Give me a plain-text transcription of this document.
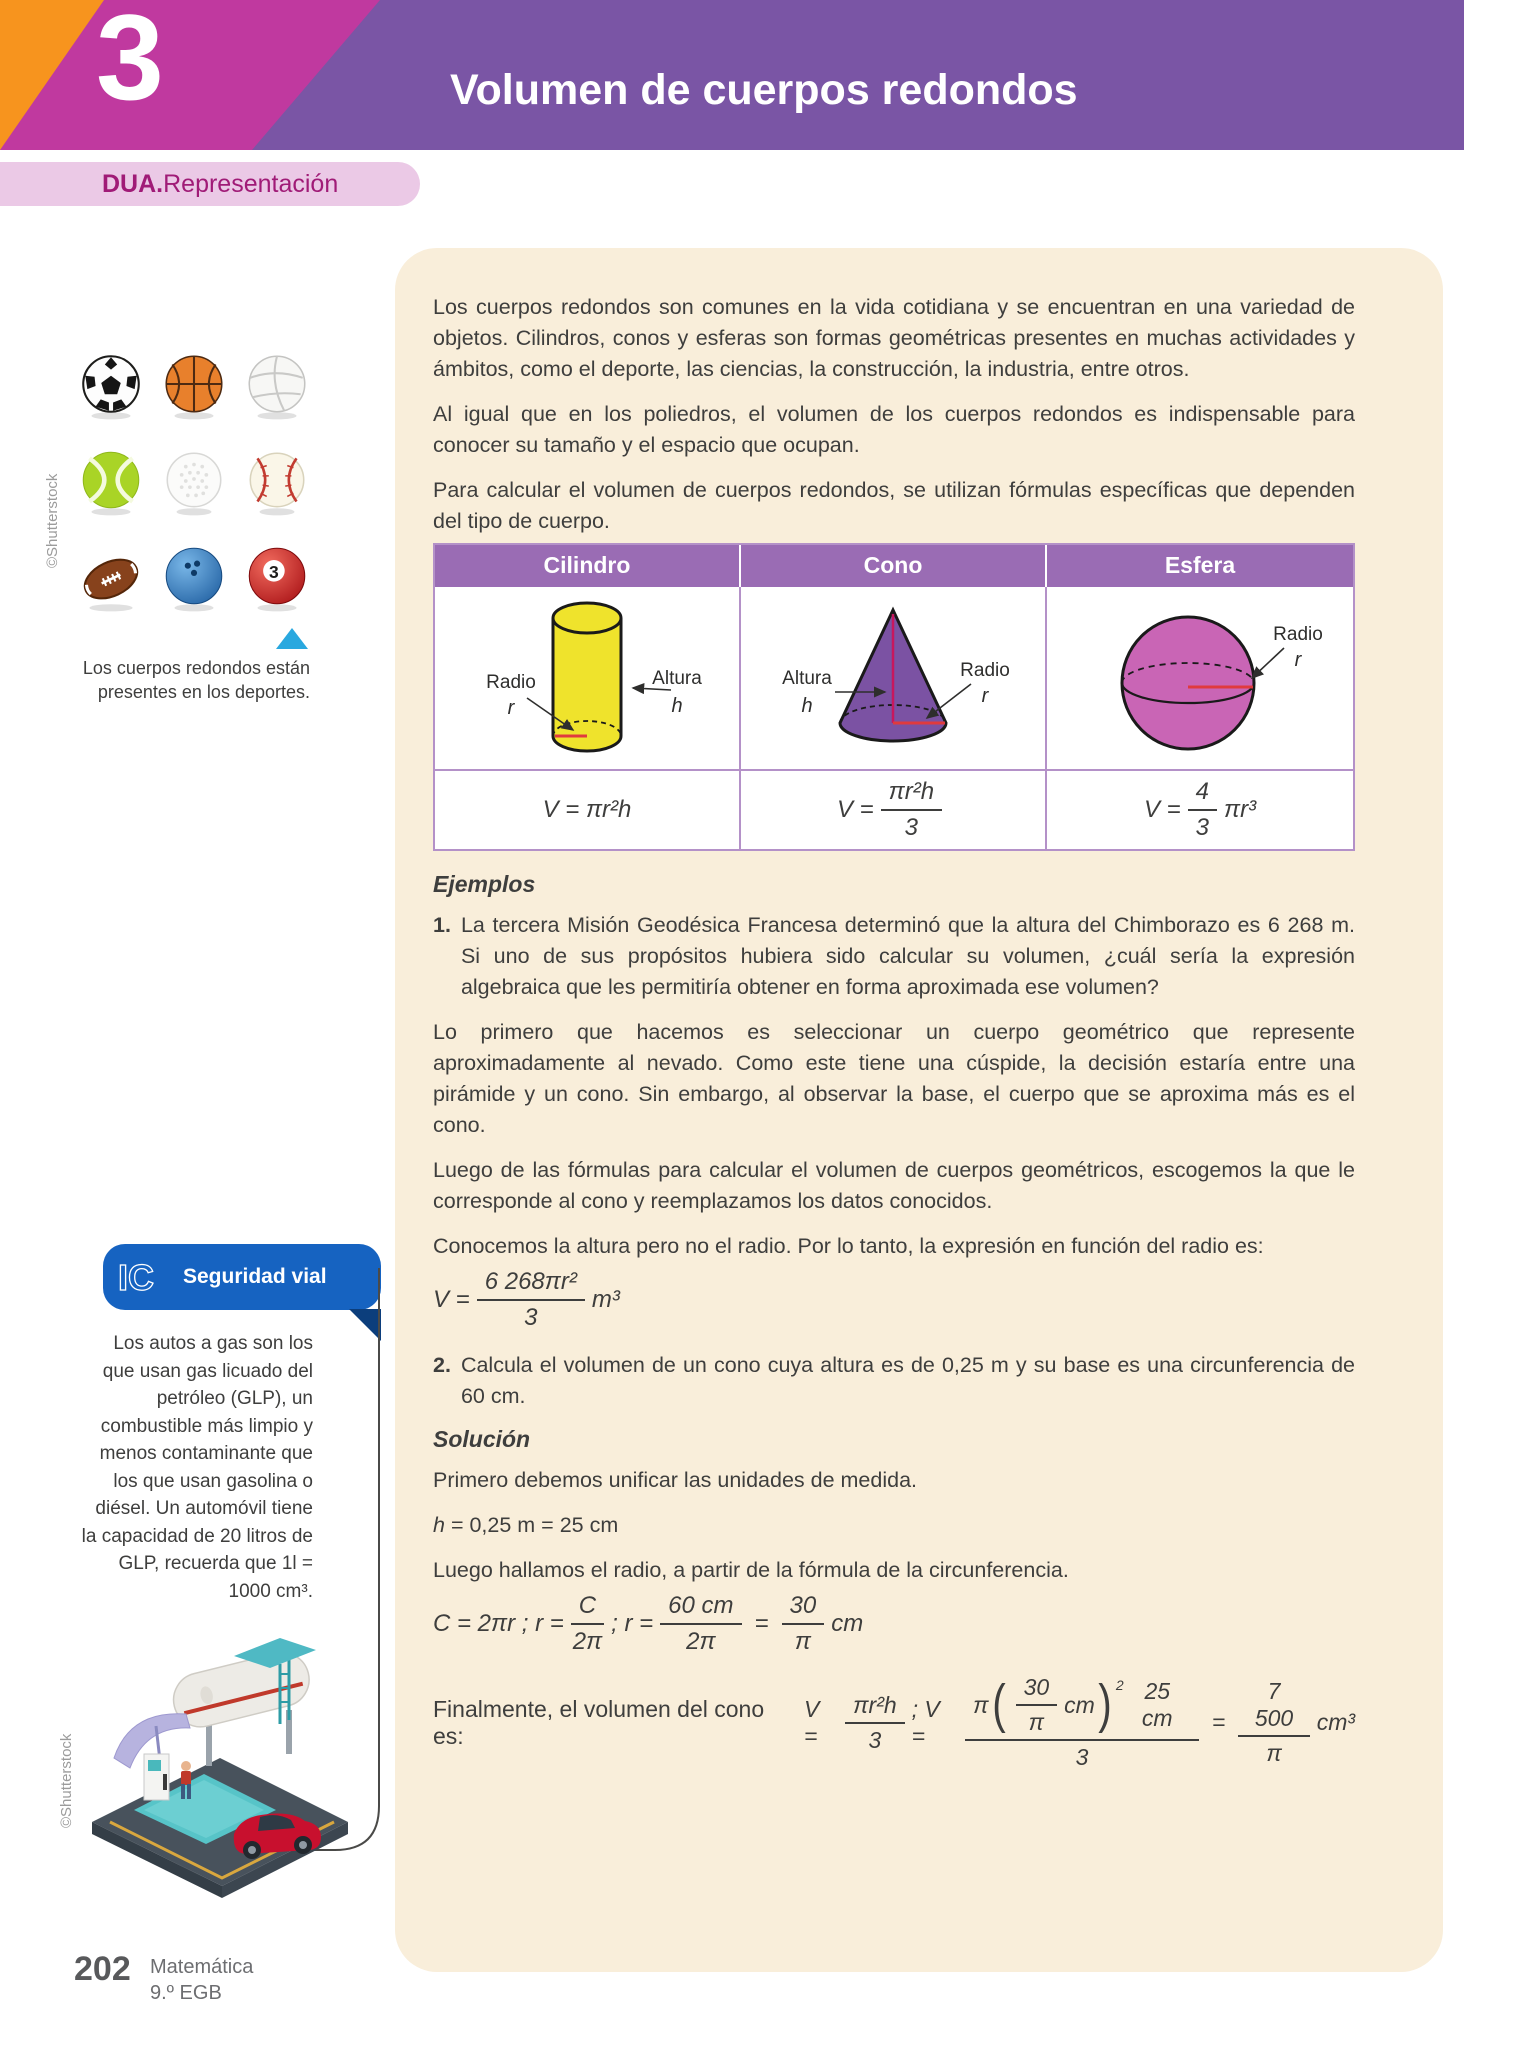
3	Volumen de cuerpos redondos
DUA. Representación
©Shutterstock
3
Los cuerpos redondos están presentes en los deportes.
IC Seguridad vial
Los autos a gas son los que usan gas licuado del petróleo (GLP), un combustible más limpio y menos contaminante que los que usan gasolina o diésel. Un automóvil tiene la capacidad de 20 litros de GLP, recuerda que 1l = 1000 cm³.
©Shutterstock

Los cuerpos redondos son comunes en la vida cotidiana y se encuentran en una variedad de objetos. Cilindros, conos y esferas son formas geométricas presentes en muchas actividades y ámbitos, como el deporte, las ciencias, la construcción, la industria, entre otros.

Al igual que en los poliedros, el volumen de los cuerpos redondos es indispensable para conocer su tamaño y el espacio que ocupan.

Para calcular el volumen de cuerpos redondos, se utilizan fórmulas específicas que dependen del tipo de cuerpo.

Cilindro	Cono	Esfera
Radio
r
Altura
h
Altura
h
Radio
r
Radio
r
V = πr²h	$V = \frac{\text{πr²h}}{3}$	$V = \frac{4}{3} \pi r^3$
Ejemplos
1. La tercera Misión Geodésica Francesa determinó que la altura del Chimborazo es 6 268 m. Si uno de sus propósitos hubiera sido calcular su volumen, ¿cuál sería la expresión algebraica que les permitiría obtener en forma aproximada ese volumen?

Lo primero que hacemos es seleccionar un cuerpo geométrico que represente aproximadamente al nevado. Como este tiene una cúspide, la decisión estaría entre una pirámide y un cono. Sin embargo, al observar la base, el cuerpo que se aproxima más es el cono.

Luego de las fórmulas para calcular el volumen de cuerpos geométricos, escogemos la que le corresponde al cono y reemplazamos los datos conocidos.

Conocemos la altura pero no el radio. Por lo tanto, la expresión en función del radio es:

$V = \frac{\text{6 268πr²}}{3} m^3$
2. Calcula el volumen de un cono cuya altura es de 0,25 m y su base es una circunferencia de 60 cm.
Solución

Primero debemos unificar las unidades de medida.

h = 0,25 m = 25 cm

Luego hallamos el radio, a partir de la fórmula de la circunferencia.

C = 2πr ; $r = \frac{C}{2\pi}$ ; $r = \frac{60 cm}{2\pi} = \frac{30}{\pi}$ cm
Finalmente, el volumen del cono es:
V =	$\frac{\text{πr²h}}{3}$ ; V =
π ( $\frac{30}{\pi}$ cm ) $^2$ 25 cm
3
= $\frac{7 500}{\pi} cm^3$
202 Matemática
9.º EGB
